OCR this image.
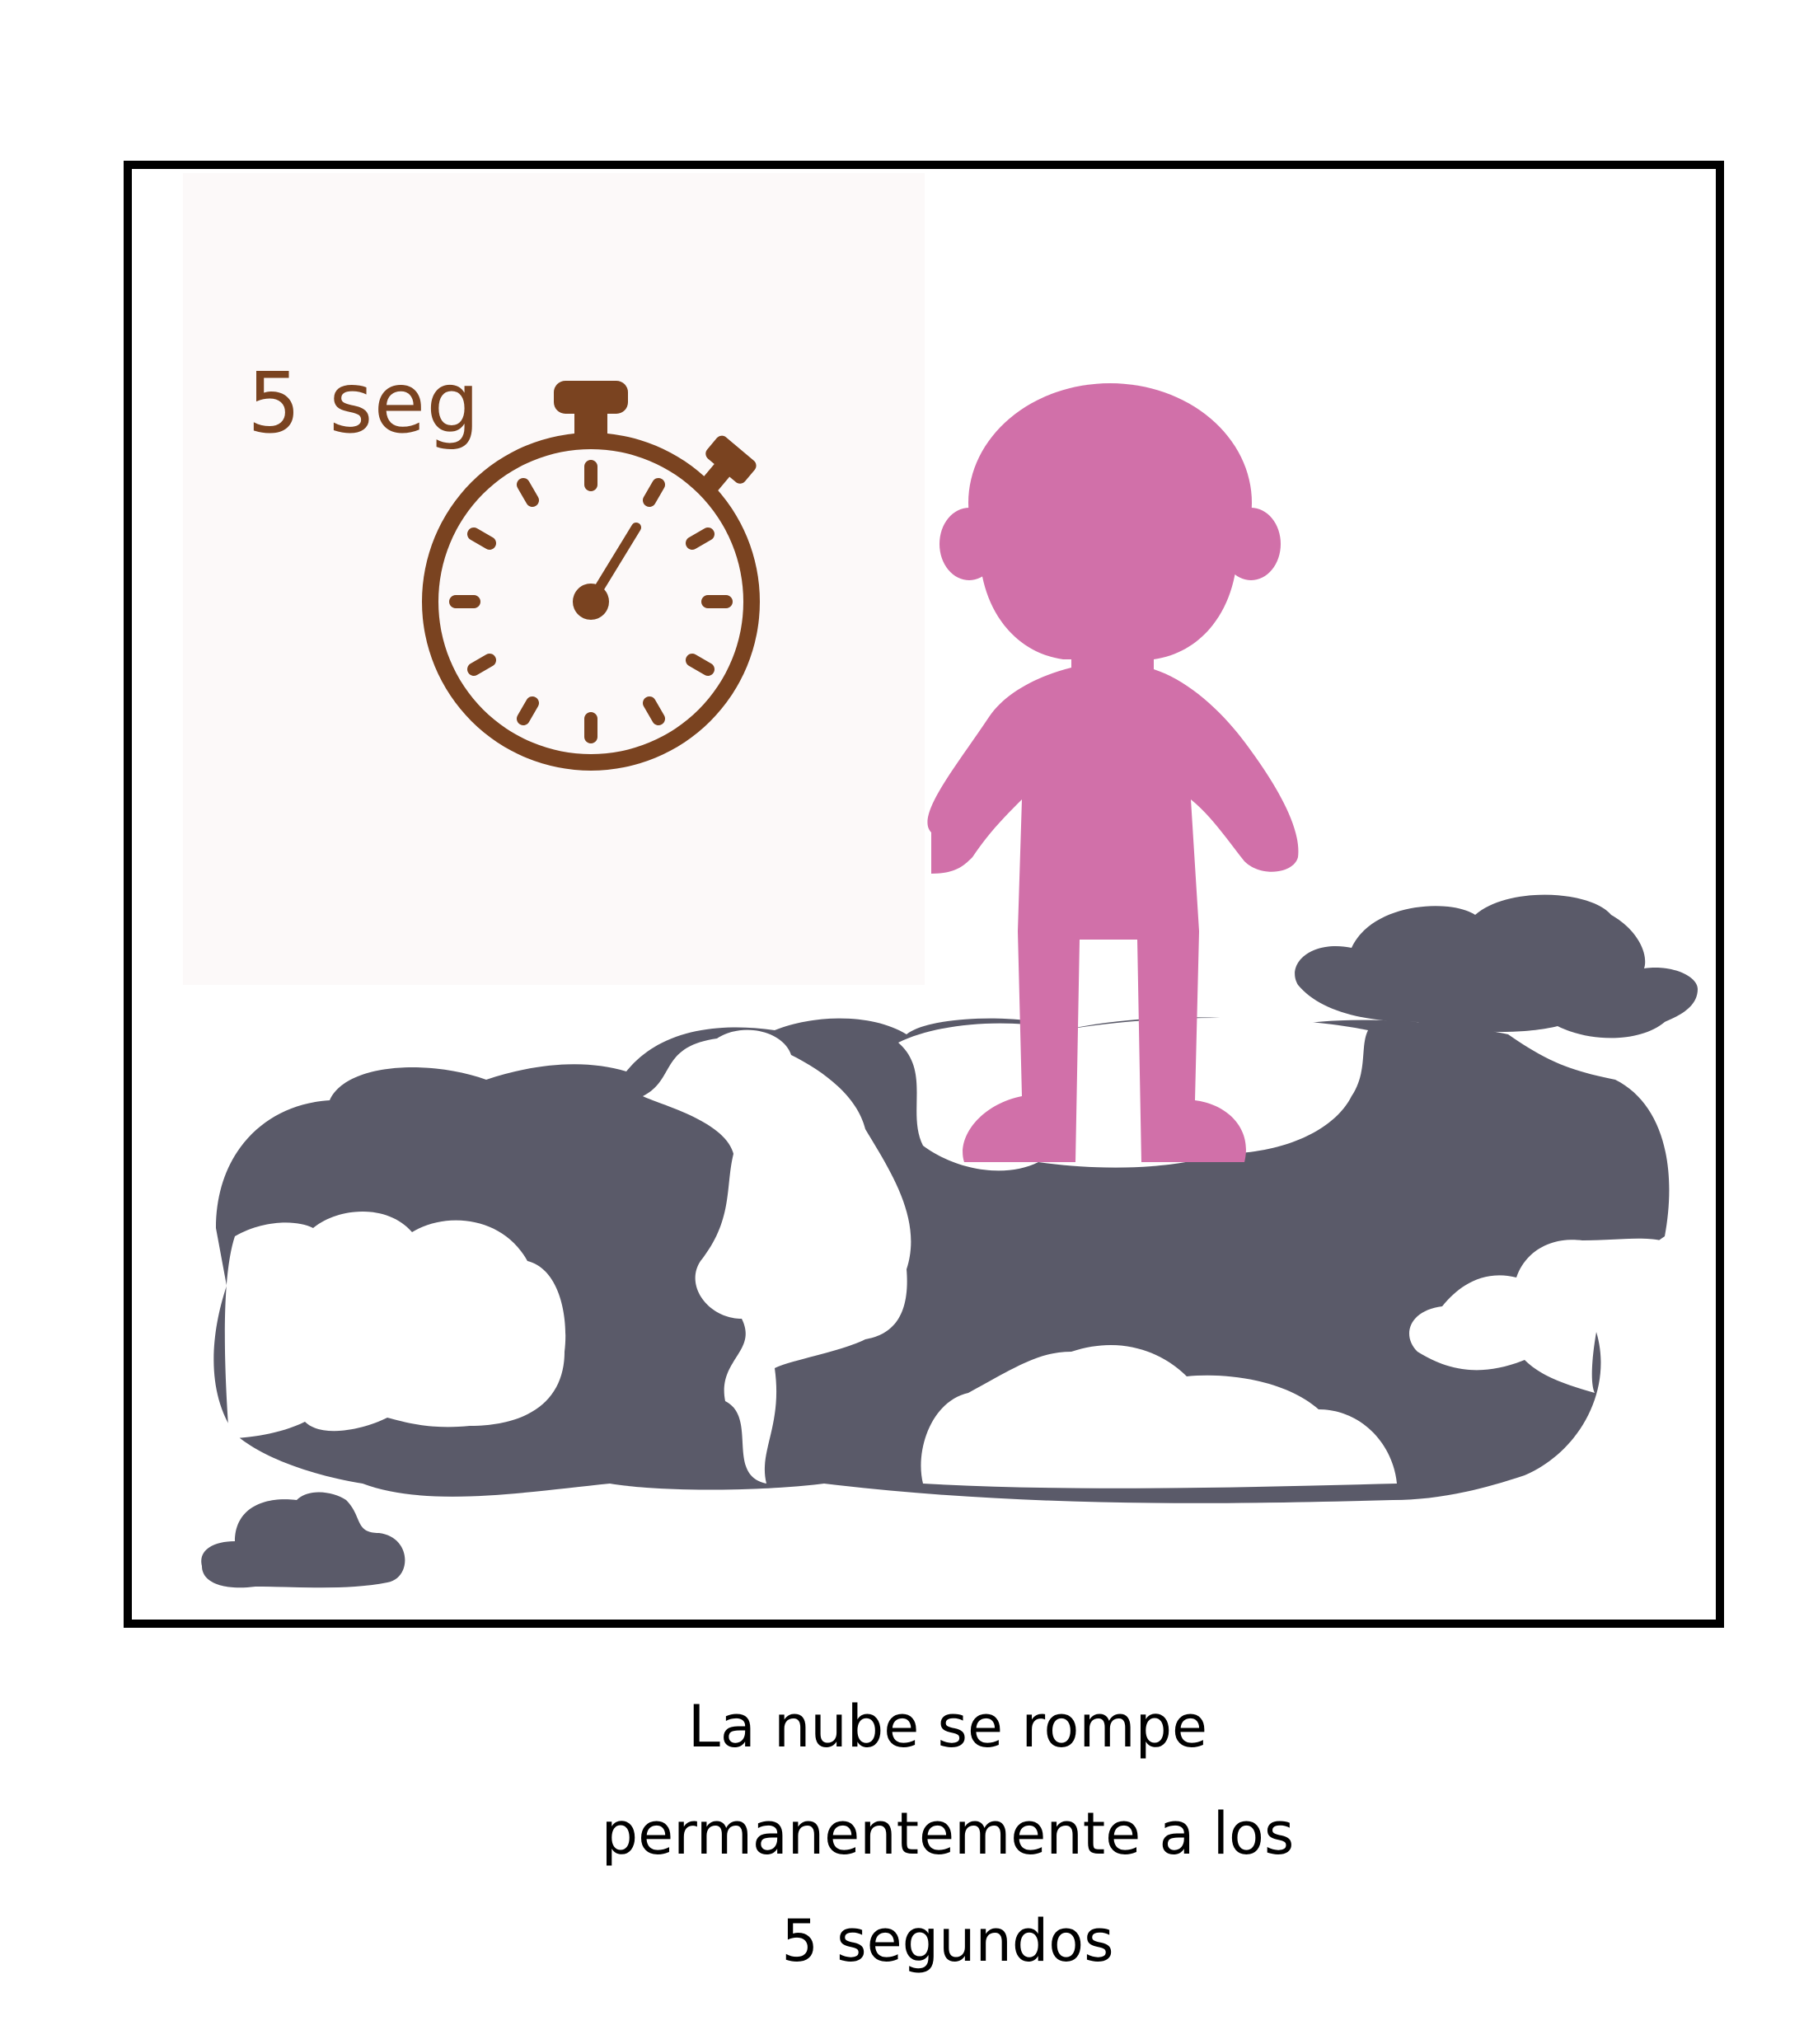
5 seg
La nube se rompe
permanentemente a los
5 segundos
